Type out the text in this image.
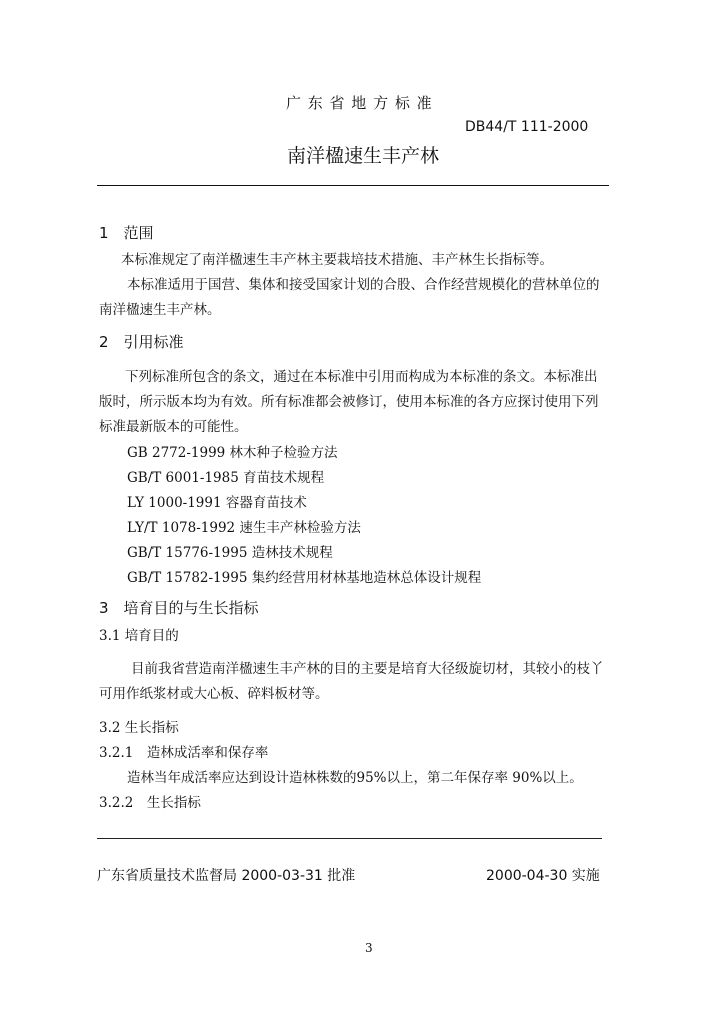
广 东 省 地 方 标 准
DB44/T 111-2000
南洋楹速生丰产林
1　范围
本标准规定了南洋楹速生丰产林主要栽培技术措施、丰产林生长指标等。
本标准适用于国营、集体和接受国家计划的合股、合作经营规模化的营林单位的
南洋楹速生丰产林。
2　引用标准
下列标准所包含的条文，通过在本标准中引用而构成为本标准的条文。本标准出
版时，所示版本均为有效。所有标准都会被修订，使用本标准的各方应探讨使用下列
标准最新版本的可能性。
GB 2772-1999 林木种子检验方法
GB/T 6001-1985 育苗技术规程
LY 1000-1991 容器育苗技术
LY/T 1078-1992 速生丰产林检验方法
GB/T 15776-1995 造林技术规程
GB/T 15782-1995 集约经营用材林基地造林总体设计规程
3　培育目的与生长指标
3.1 培育目的
目前我省营造南洋楹速生丰产林的目的主要是培育大径级旋切材，其较小的枝丫
可用作纸浆材或大心板、碎料板材等。
3.2 生长指标
3.2.1　造林成活率和保存率
造林当年成活率应达到设计造林株数的95%以上，第二年保存率 90%以上。
3.2.2　生长指标
广东省质量技术监督局 2000-03-31 批准	2000-04-30 实施
3
